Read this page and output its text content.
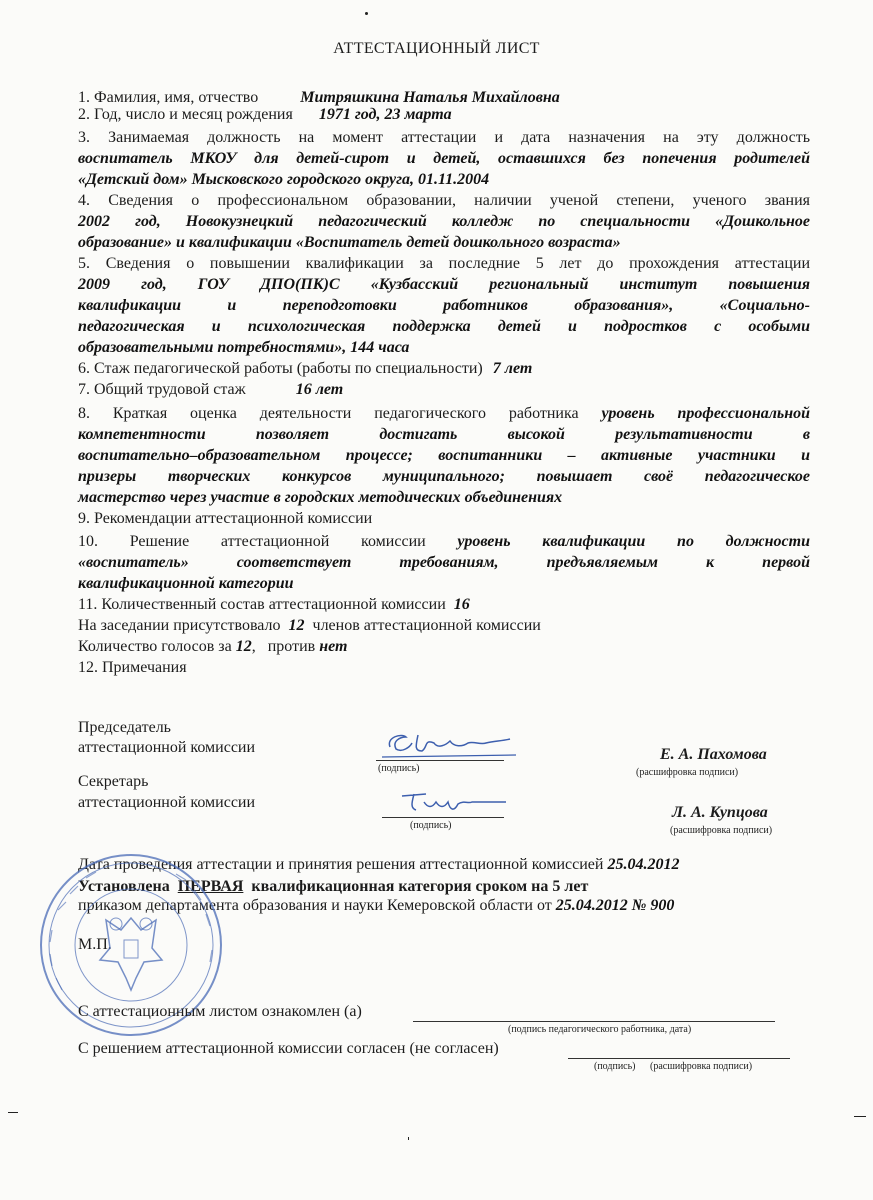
АТТЕСТАЦИОННЫЙ ЛИСТ
1. Фамилия, имя, отчество	Митряшкина Наталья Михайловна
2. Год, число и месяц рождения 1971 год, 23 марта
3. Занимаемая должность на момент аттестации и дата назначения на эту должность
воспитатель МКОУ для детей-сирот и детей, оставшихся без попечения родителей
«Детский дом» Мысковского городского округа, 01.11.2004
4. Сведения о профессиональном образовании, наличии ученой степени, ученого звания
2002 год, Новокузнецкий педагогический колледж по специальности «Дошкольное
образование» и квалификации «Воспитатель детей дошкольного возраста»
5. Сведения о повышении квалификации за последние 5 лет до прохождения аттестации
2009 год, ГОУ ДПО(ПК)С «Кузбасский региональный институт повышения
квалификации и переподготовки работников образования», «Социально-
педагогическая и психологическая поддержка детей и подростков с особыми
образовательными потребностями», 144 часа
6. Стаж педагогической работы (работы по специальности) 7 лет
7. Общий трудовой стаж	16 лет
8. Краткая оценка деятельности педагогического работника уровень профессиональной
компетентности позволяет достигать высокой результативности в
воспитательно–образовательном процессе; воспитанники – активные участники и
призеры творческих конкурсов муниципального; повышает своё педагогическое
мастерство через участие в городских методических объединениях
9. Рекомендации аттестационной комиссии
10. Решение аттестационной комиссии уровень квалификации по должности
«воспитатель» соответствует требованиям, предъявляемым к первой
квалификационной категории
11. Количественный состав аттестационной комиссии 16
На заседании присутствовало 12 членов аттестационной комиссии
Количество голосов за 12, против нет
12. Примечания
Председатель
аттестационной комиссии
(подпись)
Е. А. Пахомова
(расшифровка подписи)
Секретарь
аттестационной комиссии
(подпись)
Л. А. Купцова
(расшифровка подписи)
Дата проведения аттестации и принятия решения аттестационной комиссией 25.04.2012
Установлена ПЕРВАЯ квалификационная категория сроком на 5 лет
приказом департамента образования и науки Кемеровской области от 25.04.2012 № 900
М.П.
С аттестационным листом ознакомлен (а)
(подпись педагогического работника, дата)
С решением аттестационной комиссии согласен (не согласен)
(подпись) (расшифровка подписи)
